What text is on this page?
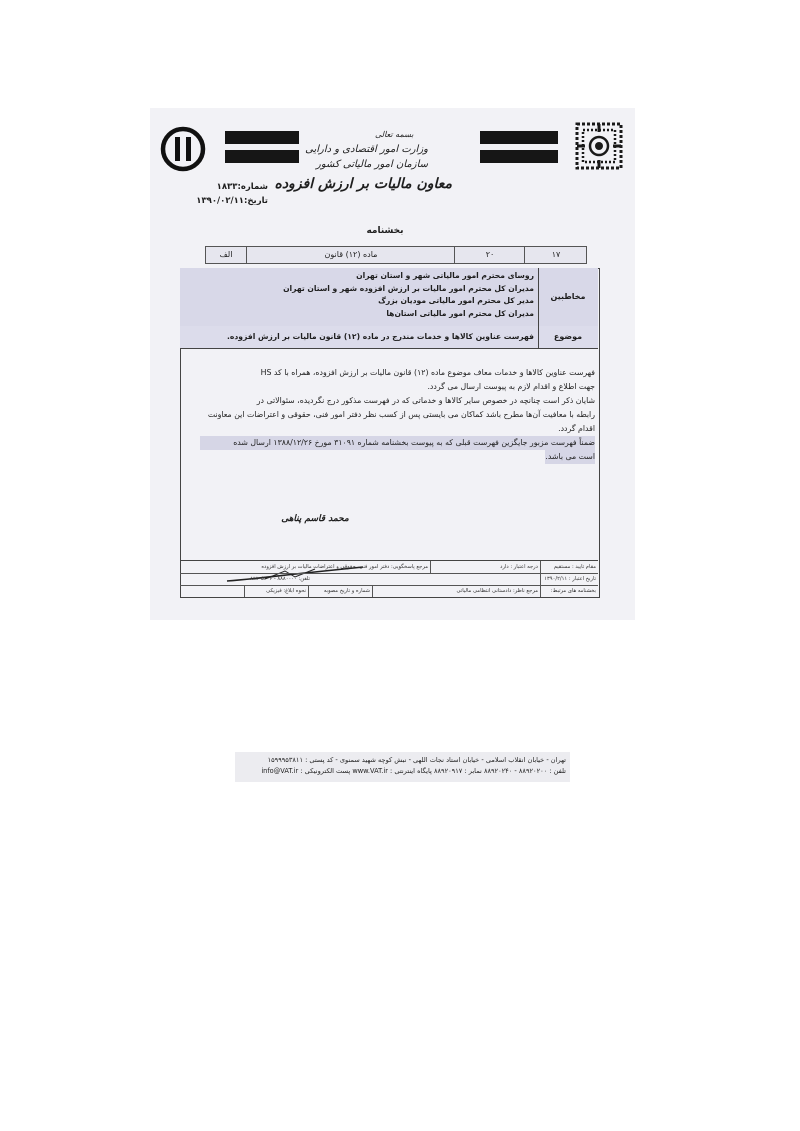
بسمه تعالی
وزارت امور اقتصادی و دارایی
سازمان امور مالیاتی کشور
معاون مالیات بر ارزش افزوده
شماره:۱۸۳۳
تاریخ:۱۳۹۰/۰۲/۱۱
بخشنامه
۱۷
۲۰
ماده (۱۲) قانون
الف
مخاطبین
روسای محترم امور مالیاتی شهر و استان تهران
مدیران کل محترم امور مالیات بر ارزش افزوده شهر و استان تهران
مدیر کل محترم امور مالیاتی مودیان بزرگ
مدیران کل محترم امور مالیاتی استان‌ها
موضوع
فهرست عناوین کالاها و خدمات مندرج در ماده (۱۲) قانون مالیات بر ارزش افزوده.
فهرست عناوین کالاها و خدمات معاف موضوع ماده (۱۲) قانون مالیات بر ارزش افزوده، همراه با کد HS
جهت اطلاع و اقدام لازم به پیوست ارسال می گردد.
شایان ذکر است چنانچه در خصوص سایر کالاها و خدماتی که در فهرست مذکور درج نگردیده، سئوالاتی در
رابطه با معافیت آن‌ها مطرح باشد کماکان می بایستی پس از کسب نظر دفتر امور فنی، حقوقی و اعتراضات این معاونت
اقدام گردد.
ضمناً فهرست مزبور جایگزین فهرست قبلی که به پیوست بخشنامه شماره ۳۱۰۹۱ مورخ ۱۳۸۸/۱۲/۲۶ ارسال شده
است می باشد.
محمد قاسم پناهی
مقام تایید : مستقیم
درجه اعتبار : دارد
مرجع پاسخگویی: دفتر امور فنی، حقوقی و اعتراضات مالیات بر ارزش افزوده
تاریخ اعتبار : ۱۳۹۰/۲/۱۱
تلفن: ۸۸۸۰۰۰۰ - ۸۸۸۰۵۶۰۶
بخشنامه های مرتبط:
مرجع ناظر: دادستانی انتظامی مالیاتی
شماره و تاریخ مصوبه
نحوه ابلاغ: فیزیکی
تهران - خیابان انقلاب اسلامی - خیابان استاد نجات اللهی - نبش کوچه شهید سمنوی - کد پستی : ۱۵۹۹۹۵۳۸۱۱
تلفن : ۸۸۹۲۰۲۰۰ - ۸۸۹۲۰۲۴۰ نمابر : ۸۸۹۲۰۹۱۷ پایگاه اینترنتی : www.VAT.ir پست الکترونیکی : info@VAT.ir
